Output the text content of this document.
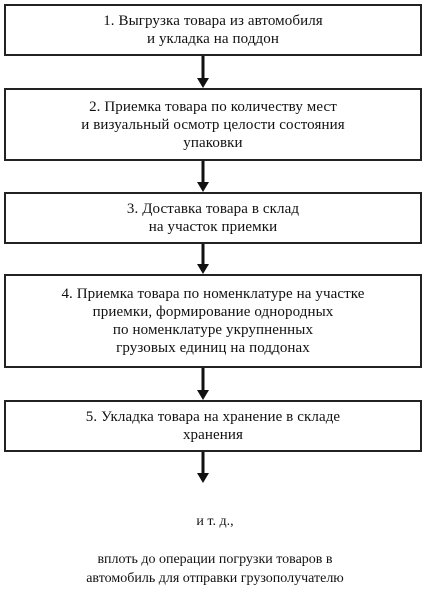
1. Выгрузка товара из автомобиля
и укладка на поддон
2. Приемка товара по количеству мест
и визуальный осмотр целости состояния
упаковки
3. Доставка товара в склад
на участок приемки
4. Приемка товара по номенклатуре на участке
приемки, формирование однородных
по номенклатуре укрупненных
грузовых единиц на поддонах
5. Укладка товара на хранение в складе
хранения

и т. д.,

вплоть до операции погрузки товаров в
автомобиль для отправки грузополучателю
